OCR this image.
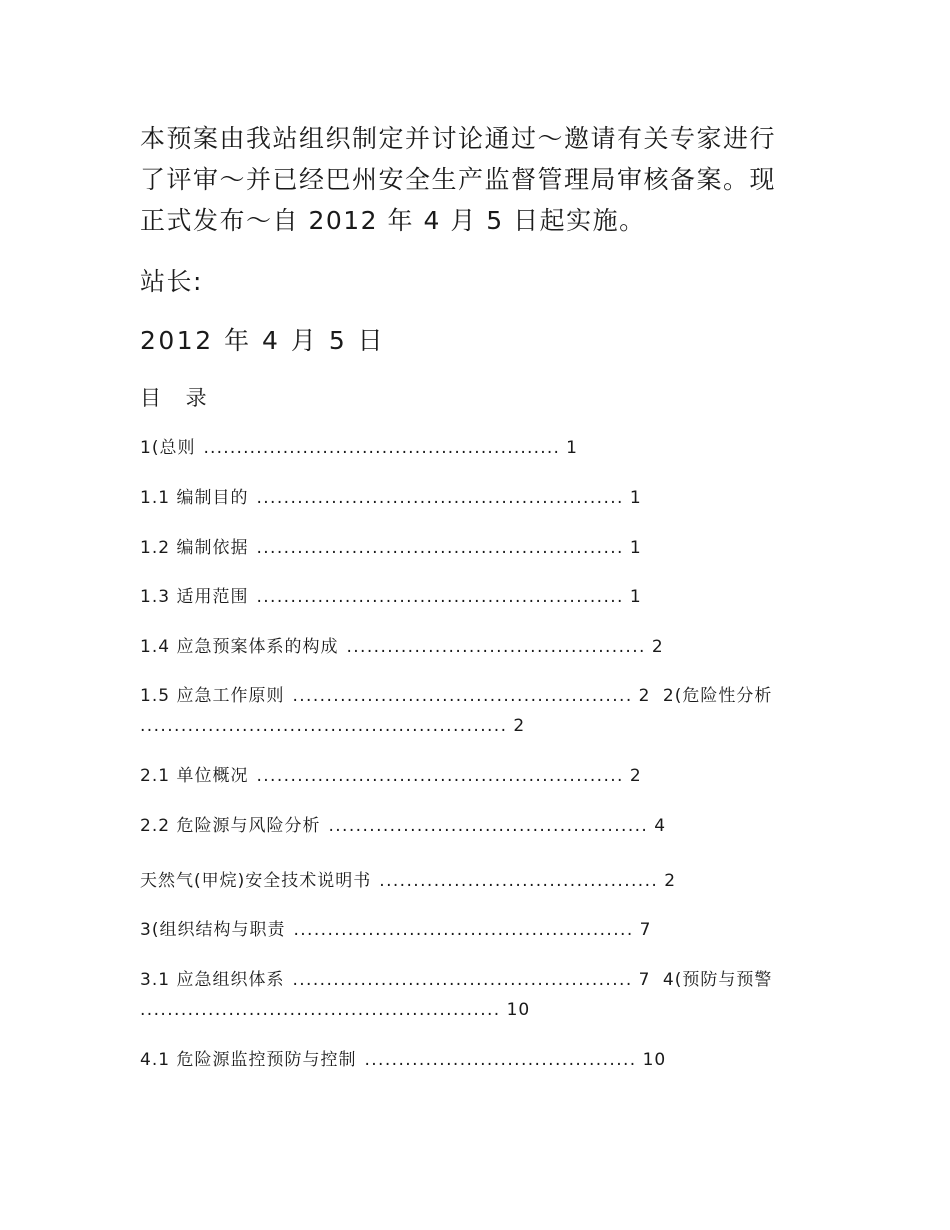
本预案由我站组织制定并讨论通过～邀请有关专家进行
了评审～并已经巴州安全生产监督管理局审核备案。现
正式发布～自 2012 年 4 月 5 日起实施。

站长:

2012 年 4 月 5 日

目 录

1(总则 ...................................................... 1
1.1 编制目的 ...................................................... 1
1.2 编制依据 ...................................................... 1
1.3 适用范围 ...................................................... 1
1.4 应急预案体系的构成 ............................................ 2
1.5 应急工作原则 .................................................. 2 2(危险性分析
...................................................... 2
2.1 单位概况 ...................................................... 2
2.2 危险源与风险分析 ............................................... 4
天然气(甲烷)安全技术说明书 ......................................... 2
3(组织结构与职责 .................................................. 7
3.1 应急组织体系 .................................................. 7 4(预防与预警
..................................................... 10
4.1 危险源监控预防与控制 ........................................ 10
